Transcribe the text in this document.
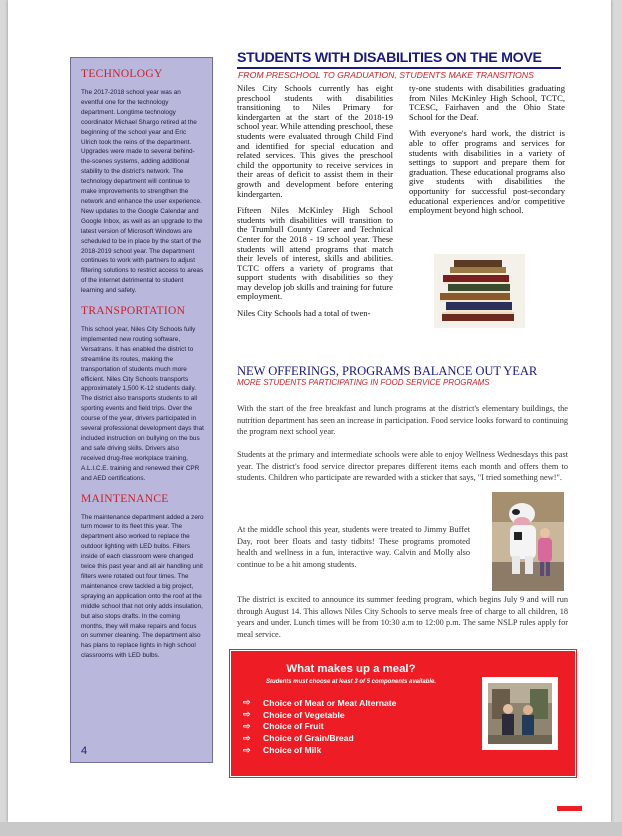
TECHNOLOGY

The 2017-2018 school year was an eventful one for the technology department. Longtime technology coordinator Michael Shargo retired at the beginning of the school year and Eric Ulrich took the reins of the department. Upgrades were made to several behind-the-scenes systems, adding additional stability to the district's network. The technology department will continue to make improvements to strengthen the network and enhance the user experience. New updates to the Google Calendar and Google Inbox, as well as an upgrade to the latest version of Microsoft Windows are scheduled to be in place by the start of the 2018-2019 school year. The department continues to work with partners to adjust filtering solutions to restrict access to areas of the internet detrimental to student learning and safety.

TRANSPORTATION

This school year, Niles City Schools fully implemented new routing software, Versatrans. It has enabled the district to streamline its routes, making the transportation of students much more efficient. Niles City Schools transports approximately 1,500 K-12 students daily. The district also transports students to all sporting events and field trips. Over the course of the year, drivers participated in several professional development days that included instruction on bullying on the bus and safe driving skills. Drivers also received drug-free workplace training, A.L.I.C.E. training and renewed their CPR and AED certifications.

MAINTENANCE

The maintenance department added a zero turn mower to its fleet this year. The department also worked to replace the outdoor lighting with LED bulbs. Filters inside of each classroom were changed twice this past year and all air handling unit filters were rotated out four times. The maintenance crew tackled a big project, spraying an application onto the roof at the middle school that not only adds insulation, but also stops drafts. In the coming months, they will make repairs and focus on summer cleaning. The department also has plans to replace lights in high school classrooms with LED bulbs.

4
STUDENTS WITH DISABILITIES ON THE MOVE
FROM PRESCHOOL TO GRADUATION, STUDENTS MAKE TRANSITIONS

Niles City Schools currently has eight preschool students with disabilities transitioning to Niles Primary for kindergarten at the start of the 2018-19 school year. While attending preschool, these students were evaluated through Child Find and identified for special education and related services. This gives the preschool child the opportunity to receive services in their areas of deficit to assist them in their growth and development before entering kindergarten.

Fifteen Niles McKinley High School students with disabilities will transition to the Trumbull County Career and Technical Center for the 2018 - 19 school year. These students will attend programs that match their levels of interest, skills and abilities. TCTC offers a variety of programs that support students with disabilities so they may develop job skills and training for future employment.

Niles City Schools had a total of twen-

ty-one students with disabilities graduating from Niles McKinley High School, TCTC, TCESC, Fairhaven and the Ohio State School for the Deaf.

With everyone's hard work, the district is able to offer programs and services for students with disabilities in a variety of settings to support and prepare them for graduation. These educational programs also give students with disabilities the opportunity for successful post-secondary educational experiences and/or competitive employment beyond high school.

NEW OFFERINGS, PROGRAMS BALANCE OUT YEAR
MORE STUDENTS PARTICIPATING IN FOOD SERVICE PROGRAMS

With the start of the free breakfast and lunch programs at the district's elementary buildings, the nutrition department has seen an increase in participation. Food service looks forward to continuing the program next school year.

Students at the primary and intermediate schools were able to enjoy Wellness Wednesdays this past year. The district's food service director prepares different items each month and offers them to students. Children who participate are rewarded with a sticker that says, "I tried something new!".

At the middle school this year, students were treated to Jimmy Buffet Day, root beer floats and tasty tidbits! These programs promoted health and wellness in a fun, interactive way. Calvin and Molly also continue to be a hit among students.

The district is excited to announce its summer feeding program, which begins July 9 and will run through August 14. This allows Niles City Schools to serve meals free of charge to all children, 18 years and under. Lunch times will be from 10:30 a.m to 12:00 p.m. The same NSLP rules apply for meal service.

What makes up a meal?
Students must choose at least 3 of 5 components available.
⇨	Choice of Meat or Meat Alternate
⇨	Choice of Vegetable
⇨	Choice of Fruit
⇨	Choice of Grain/Bread
⇨	Choice of Milk
